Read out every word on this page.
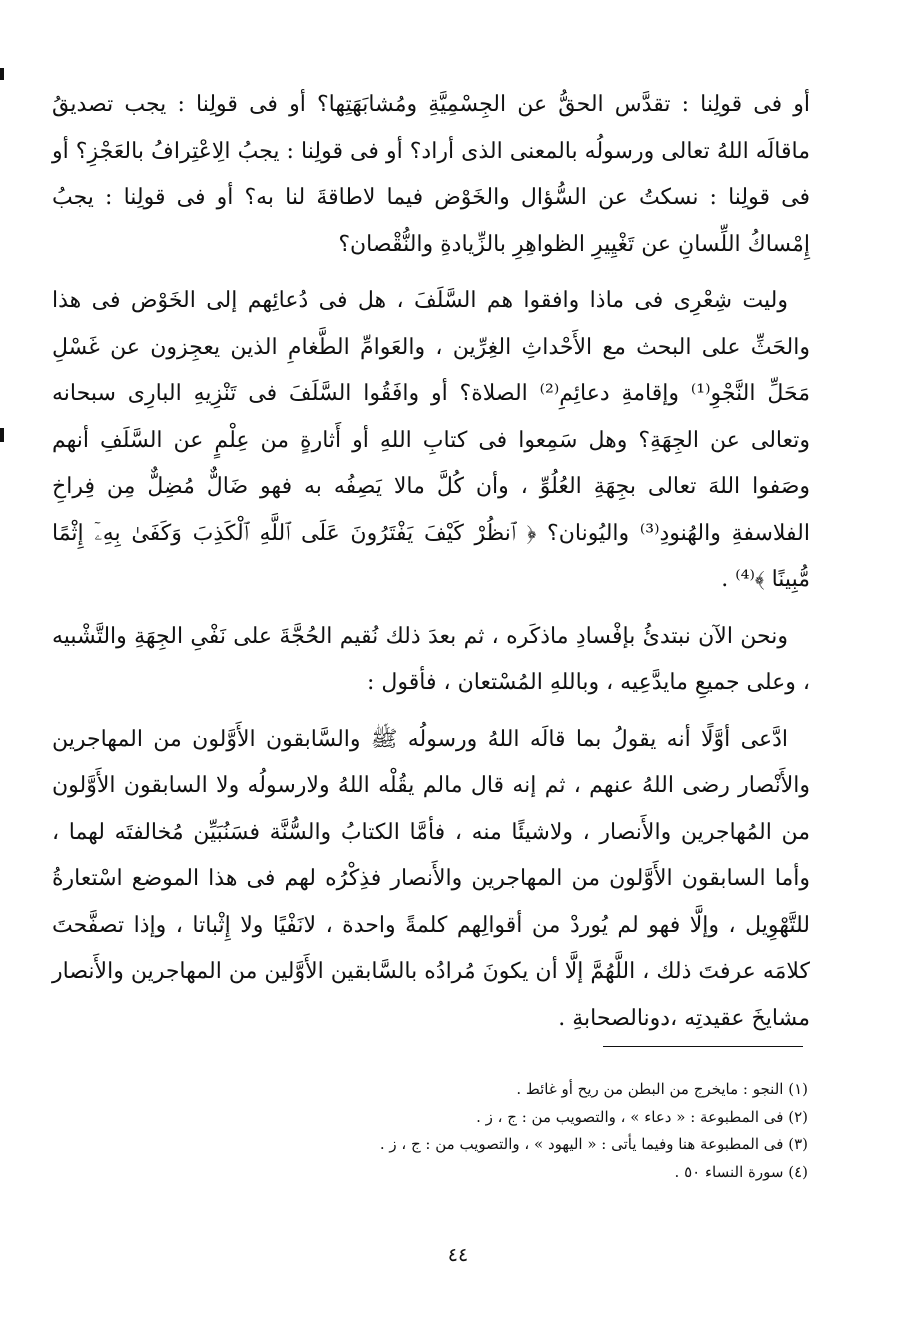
أو فى قولِنا : تقدَّس الحقُّ عن الجِسْمِيَّةِ ومُشابَهَتِها؟ أو فى قولِنا : يجب تصديقُ ماقالَه اللهُ تعالى ورسولُه بالمعنى الذى أراد؟ أو فى قولِنا : يجبُ الِاعْتِرافُ بالعَجْزِ؟ أو فى قولِنا : نسكتُ عن السُّؤال والخَوْض فيما لاطاقةَ لنا به؟ أو فى قولِنا : يجبُ إِمْساكُ اللِّسانِ عن تَغْيِيرِ الظواهِرِ بالزِّيادةِ والنُّقْصان؟

وليت شِعْرِى فى ماذا وافقوا هم السَّلَفَ ، هل فى دُعائِهم إلى الخَوْض فى هذا والحَثِّ على البحث مع الأَحْداثِ الغِرِّين ، والعَوامِّ الطَّغامِ الذين يعجِزون عن غَسْلِ مَحَلِّ النَّجْوِ⁽¹⁾ وإقامةِ دعائِمِ⁽²⁾ الصلاة؟ أو وافَقُوا السَّلَفَ فى تَنْزِيهِ البارِى سبحانه وتعالى عن الجِهَةِ؟ وهل سَمِعوا فى كتابِ اللهِ أو أَثارةٍ من عِلْمٍ عن السَّلَفِ أنهم وصَفوا اللهَ تعالى بجِهَةِ العُلُوِّ ، وأن كُلَّ مالا يَصِفُه به فهو ضَالٌّ مُضِلٌّ مِن فِراخِ الفلاسفةِ والهُنودِ⁽³⁾ واليُونان؟ ﴿ ٱنظُرْ كَيْفَ يَفْتَرُونَ عَلَى ٱللَّهِ ٱلْكَذِبَ وَكَفَىٰ بِهِۦٓ إِثْمًا مُّبِينًا ﴾⁽⁴⁾ .

ونحن الآن نبتدئُ بإفْسادِ ماذكَره ، ثم بعدَ ذلك نُقيم الحُجَّةَ على نَفْىِ الجِهَةِ والتَّشْبيه ، وعلى جميعِ مايدَّعِيه ، وباللهِ المُسْتعان ، فأقول :

ادَّعى أوَّلًا أنه يقولُ بما قالَه اللهُ ورسولُه ﷺ والسَّابقون الأَوَّلون من المهاجرين والأَنْصار رضى اللهُ عنهم ، ثم إنه قال مالم يقُلْه اللهُ ولارسولُه ولا السابقون الأَوَّلون من المُهاجرين والأَنصار ، ولاشيئًا منه ، فأمَّا الكتابُ والسُّنَّة فسَنُبَيِّن مُخالفتَه لهما ، وأما السابقون الأَوَّلون من المهاجرين والأَنصار فذِكْرُه لهم فى هذا الموضع اسْتعارةُ للتَّهْوِيل ، وإلَّا فهو لم يُوردْ من أقوالِهم كلمةً واحدة ، لانَفْيًا ولا إِثْباتا ، وإذا تصفَّحتَ كلامَه عرفتَ ذلك ، اللَّهُمَّ إلَّا أن يكونَ مُرادُه بالسَّابقين الأَوَّلين من المهاجرين والأَنصار مشايخَ عقيدتِه ،دونالصحابةِ .

(١) النجو : مايخرج من البطن من ريح أو غائط .

(٢) فى المطبوعة : « دعاء » ، والتصويب من : ج ، ز .

(٣) فى المطبوعة هنا وفيما يأتى : « اليهود » ، والتصويب من : ج ، ز .

(٤) سورة النساء ٥٠ .

٤٤
